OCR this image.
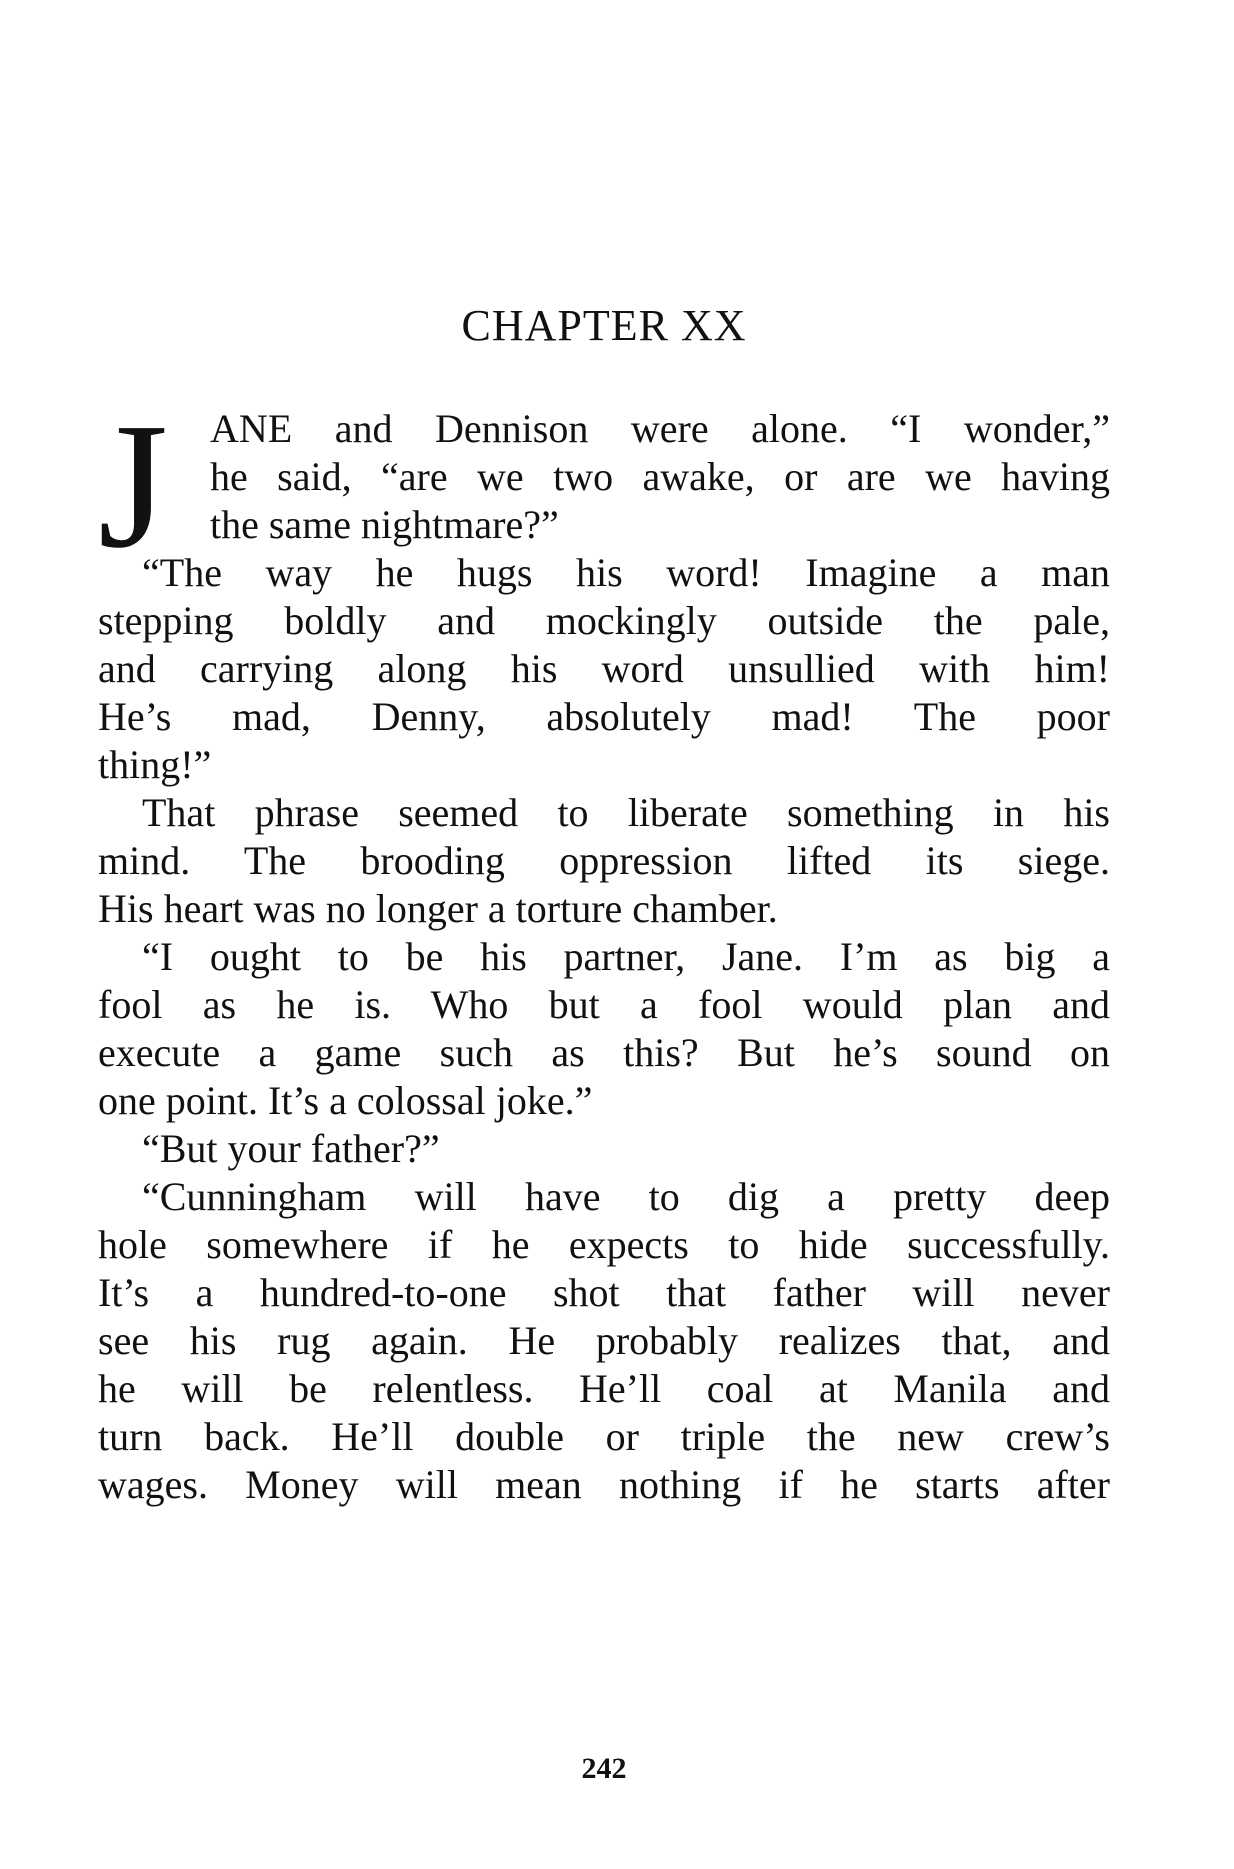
CHAPTER XX
J ANE and Dennison were alone. “I wonder,”
he said, “are we two awake, or are we having
the same nightmare?”
“The way he hugs his word! Imagine a man
stepping boldly and mockingly outside the pale,
and carrying along his word unsullied with him!
He’s mad, Denny, absolutely mad! The poor
thing!”
That phrase seemed to liberate something in his
mind. The brooding oppression lifted its siege.
His heart was no longer a torture chamber.
“I ought to be his partner, Jane. I’m as big a
fool as he is. Who but a fool would plan and
execute a game such as this? But he’s sound on
one point. It’s a colossal joke.”
“But your father?”
“Cunningham will have to dig a pretty deep
hole somewhere if he expects to hide successfully.
It’s a hundred-to-one shot that father will never
see his rug again. He probably realizes that, and
he will be relentless. He’ll coal at Manila and
turn back. He’ll double or triple the new crew’s
wages. Money will mean nothing if he starts after
242
